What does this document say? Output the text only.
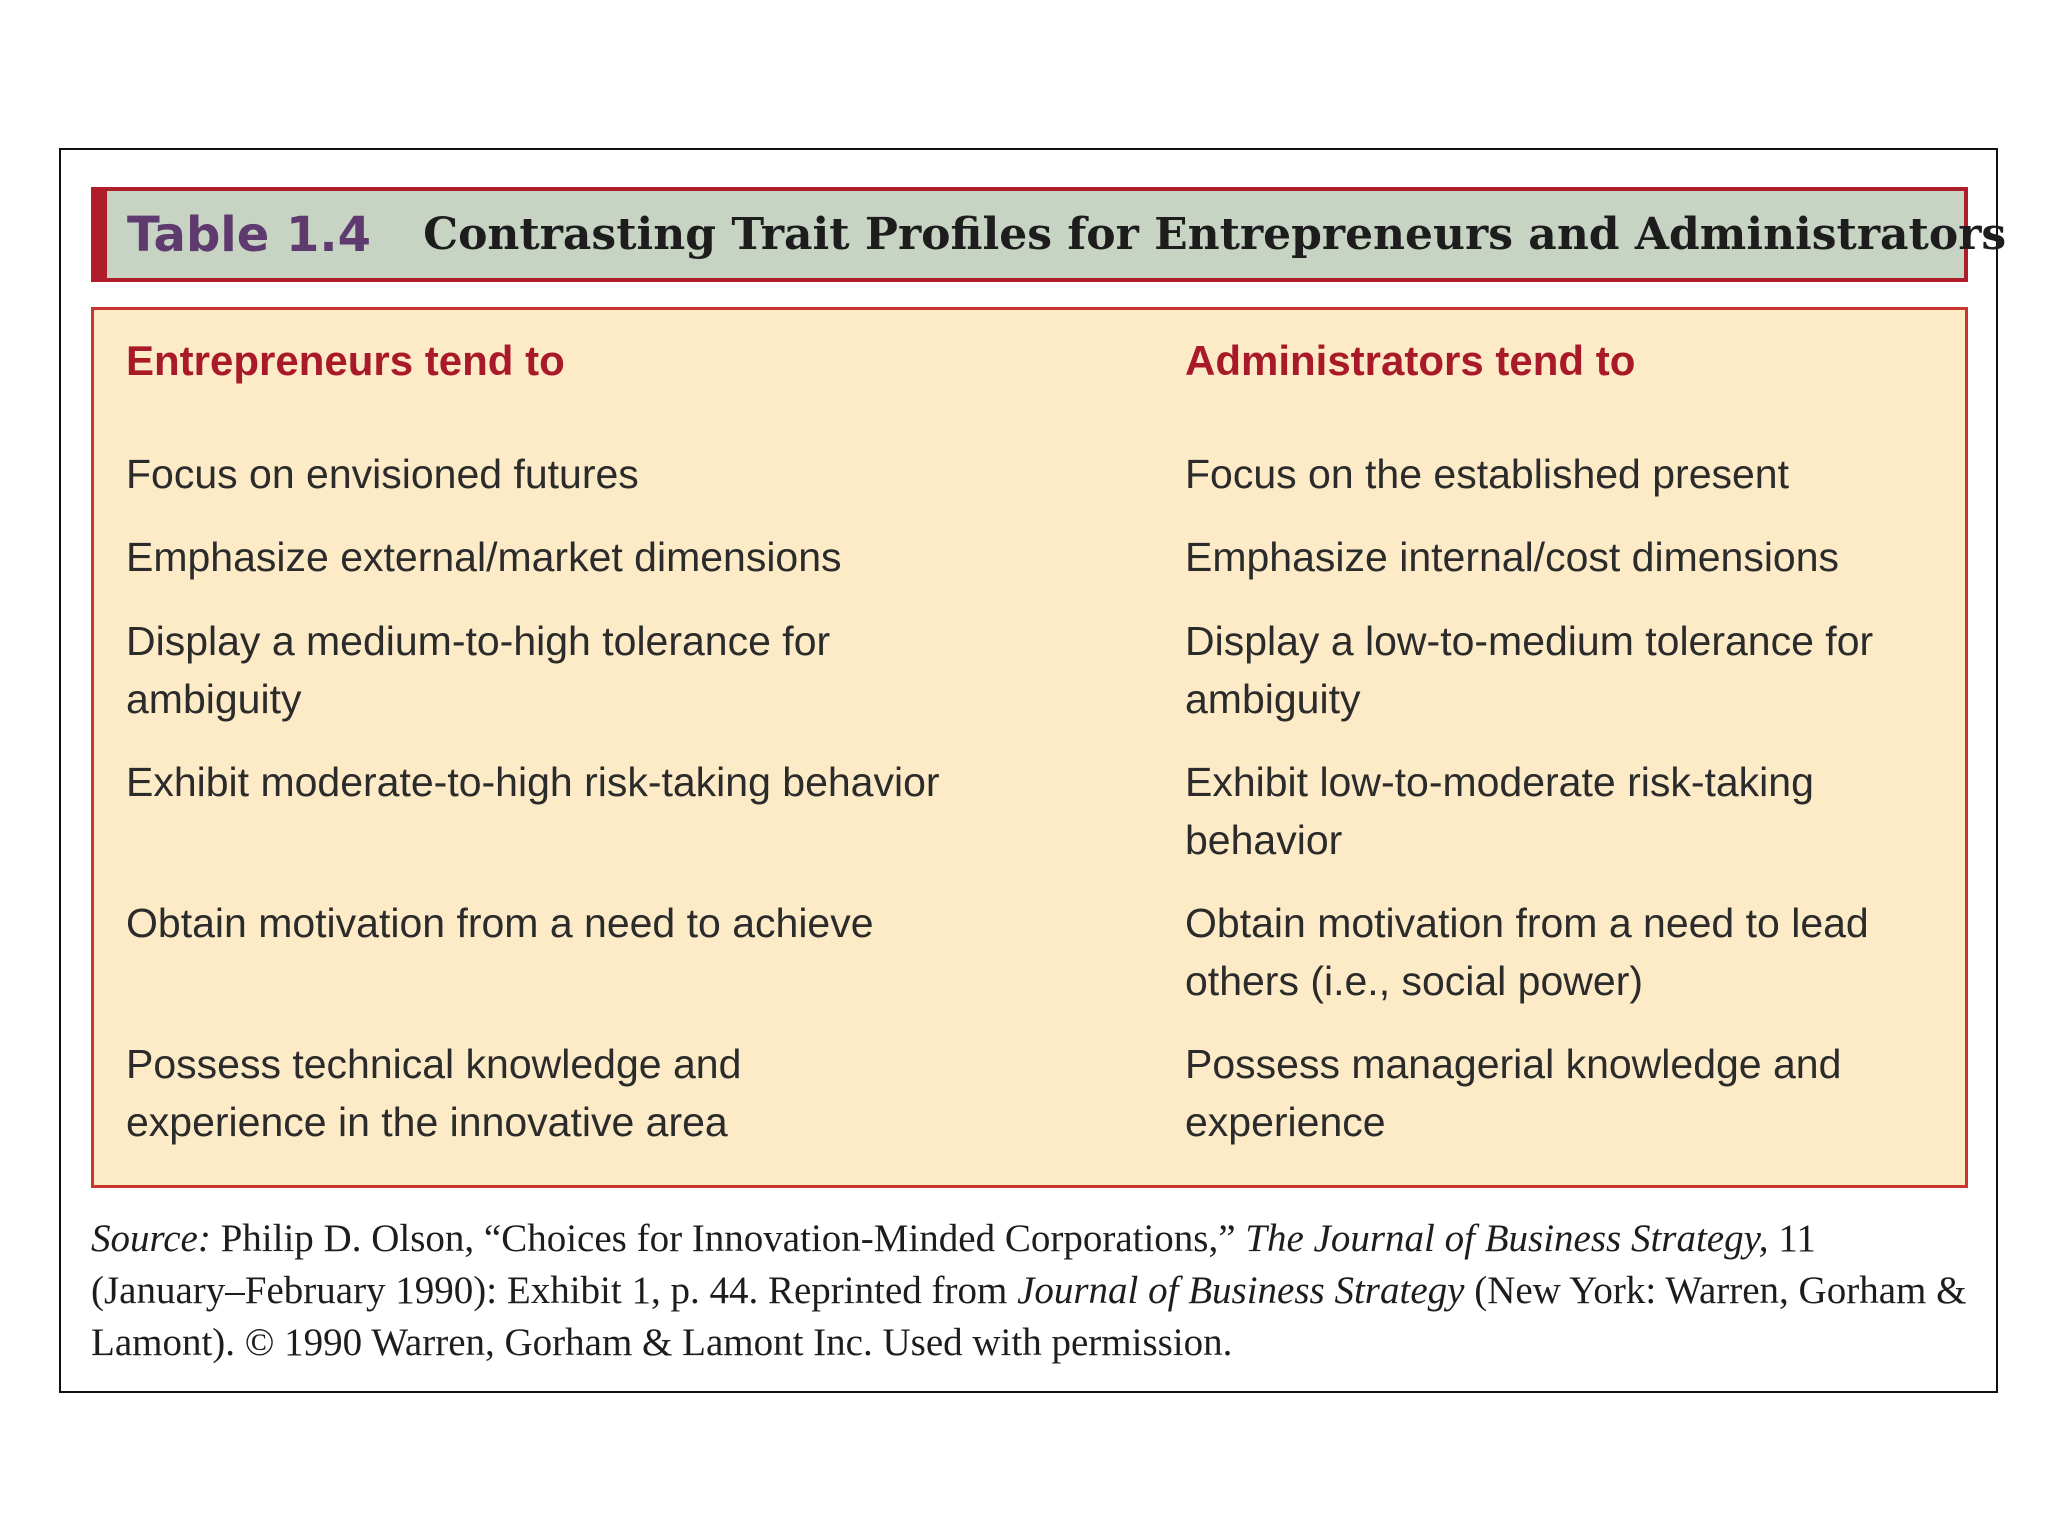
Table 1.4 Contrasting Trait Profiles for Entrepreneurs and Administrators
Entrepreneurs tend to
Focus on envisioned futures
Emphasize external/market dimensions
Display a medium-to-high tolerance for ambiguity
Exhibit moderate-to-high risk-taking behavior
Obtain motivation from a need to achieve
Possess technical knowledge and experience in the innovative area
Administrators tend to
Focus on the established present
Emphasize internal/cost dimensions
Display a low-to-medium tolerance for ambiguity
Exhibit low-to-moderate risk-taking behavior
Obtain motivation from a need to lead others (i.e., social power)
Possess managerial knowledge and experience
Source: Philip D. Olson, “Choices for Innovation-Minded Corporations,” The Journal of Business Strategy, 11 (January–February 1990): Exhibit 1, p. 44. Reprinted from Journal of Business Strategy (New York: Warren, Gorham & Lamont). © 1990 Warren, Gorham & Lamont Inc. Used with permission.
